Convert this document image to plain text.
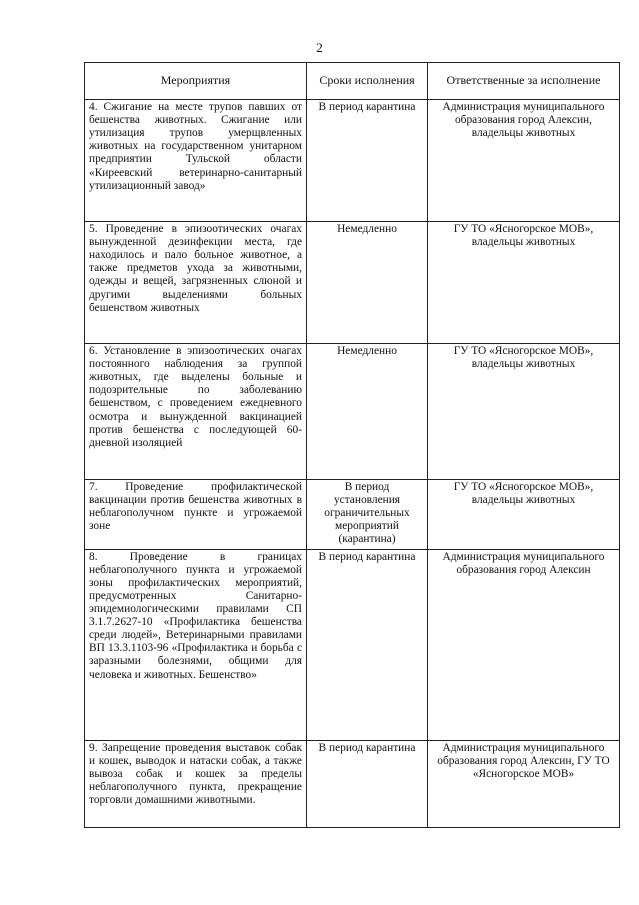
2
Мероприятия	Сроки исполнения	Ответственные за исполнение
4. Сжигание на месте трупов павших от бешенства животных. Сжигание или утилизация трупов умерщвленных животных на государственном унитарном предприятии Тульской области «Киреевский ветеринарно-санитарный утилизационный завод»	В период карантина	Администрация муниципального образования город Алексин, владельцы животных
5. Проведение в эпизоотических очагах вынужденной дезинфекции места, где находилось и пало больное животное, а также предметов ухода за животными, одежды и вещей, загрязненных слюной и другими выделениями больных бешенством животных	Немедленно	ГУ ТО «Ясногорское МОВ», владельцы животных
6. Установление в эпизоотических очагах постоянного наблюдения за группой животных, где выделены больные и подозрительные по заболеванию бешенством, с проведением ежедневного осмотра и вынужденной вакцинацией против бешенства с последующей 60-дневной изоляцией	Немедленно	ГУ ТО «Ясногорское МОВ», владельцы животных
7. Проведение профилактической вакцинации против бешенства животных в неблагополучном пункте и угрожаемой зоне	В период установления ограничительных мероприятий (карантина)	ГУ ТО «Ясногорское МОВ», владельцы животных
8. Проведение в границах неблагополучного пункта и угрожаемой зоны профилактических мероприятий, предусмотренных Санитарно-эпидемиологическими правилами СП 3.1.7.2627-10 «Профилактика бешенства среди людей», Ветеринарными правилами ВП 13.3.1103-96 «Профилактика и борьба с заразными болезнями, общими для человека и животных. Бешенство»	В период карантина	Администрация муниципального образования город Алексин
9. Запрещение проведения выставок собак и кошек, выводок и натаски собак, а также вывоза собак и кошек за пределы неблагополучного пункта, прекращение торговли домашними животными.	В период карантина	Администрация муниципального образования город Алексин, ГУ ТО «Ясногорское МОВ»
